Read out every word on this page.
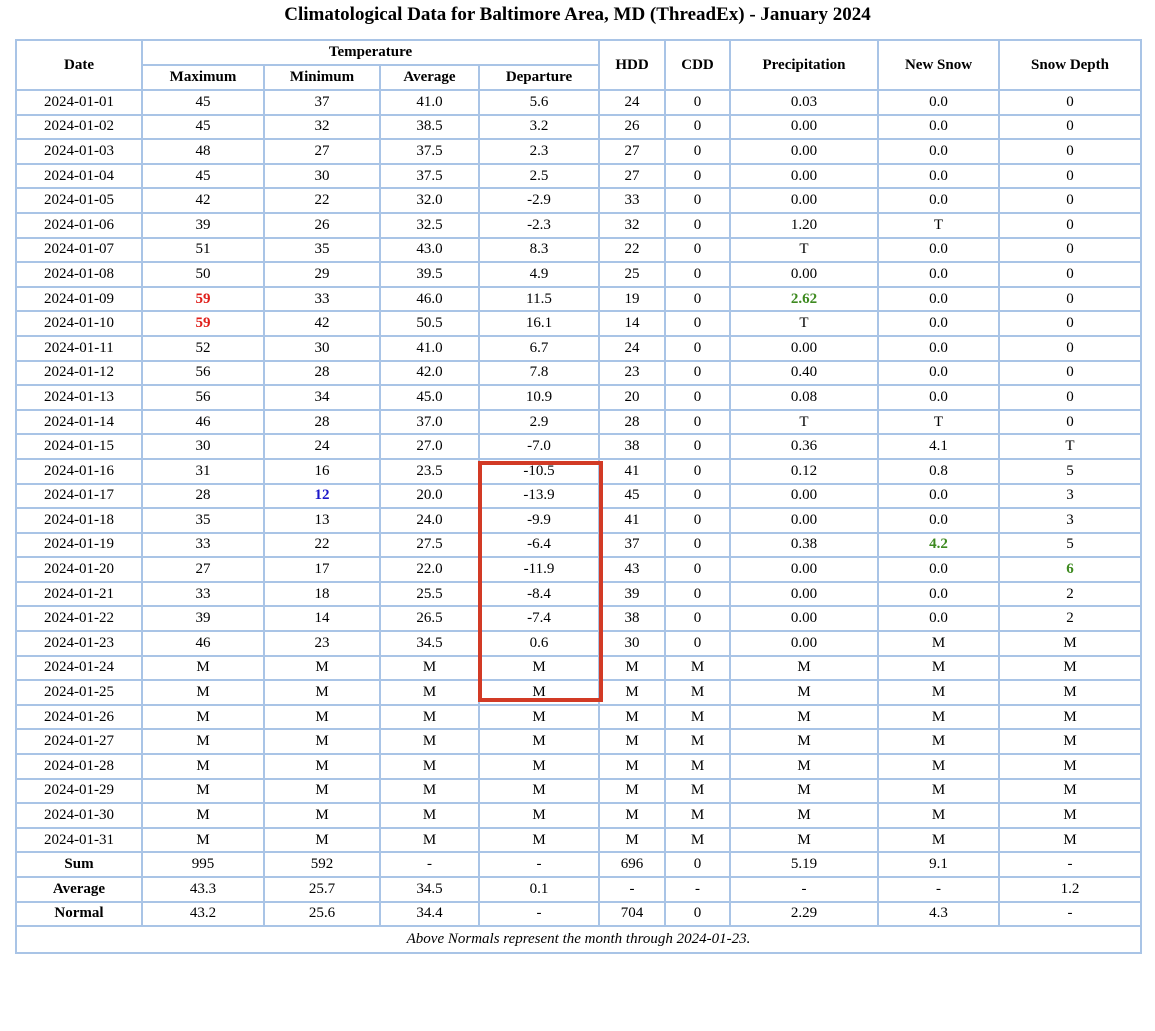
Climatological Data for Baltimore Area, MD (ThreadEx) - January 2024
Date	Temperature				HDD	CDD	Precipitation	New Snow	Snow Depth
	Maximum	Minimum	Average	Departure					
2024-01-01	45	37	41.0	5.6	24	0	0.03	0.0	0
2024-01-02	45	32	38.5	3.2	26	0	0.00	0.0	0
2024-01-03	48	27	37.5	2.3	27	0	0.00	0.0	0
2024-01-04	45	30	37.5	2.5	27	0	0.00	0.0	0
2024-01-05	42	22	32.0	-2.9	33	0	0.00	0.0	0
2024-01-06	39	26	32.5	-2.3	32	0	1.20	T	0
2024-01-07	51	35	43.0	8.3	22	0	T	0.0	0
2024-01-08	50	29	39.5	4.9	25	0	0.00	0.0	0
2024-01-09	59	33	46.0	11.5	19	0	2.62	0.0	0
2024-01-10	59	42	50.5	16.1	14	0	T	0.0	0
2024-01-11	52	30	41.0	6.7	24	0	0.00	0.0	0
2024-01-12	56	28	42.0	7.8	23	0	0.40	0.0	0
2024-01-13	56	34	45.0	10.9	20	0	0.08	0.0	0
2024-01-14	46	28	37.0	2.9	28	0	T	T	0
2024-01-15	30	24	27.0	-7.0	38	0	0.36	4.1	T
2024-01-16	31	16	23.5	-10.5	41	0	0.12	0.8	5
2024-01-17	28	12	20.0	-13.9	45	0	0.00	0.0	3
2024-01-18	35	13	24.0	-9.9	41	0	0.00	0.0	3
2024-01-19	33	22	27.5	-6.4	37	0	0.38	4.2	5
2024-01-20	27	17	22.0	-11.9	43	0	0.00	0.0	6
2024-01-21	33	18	25.5	-8.4	39	0	0.00	0.0	2
2024-01-22	39	14	26.5	-7.4	38	0	0.00	0.0	2
2024-01-23	46	23	34.5	0.6	30	0	0.00	M	M
2024-01-24	M	M	M	M	M	M	M	M	M
2024-01-25	M	M	M	M	M	M	M	M	M
2024-01-26	M	M	M	M	M	M	M	M	M
2024-01-27	M	M	M	M	M	M	M	M	M
2024-01-28	M	M	M	M	M	M	M	M	M
2024-01-29	M	M	M	M	M	M	M	M	M
2024-01-30	M	M	M	M	M	M	M	M	M
2024-01-31	M	M	M	M	M	M	M	M	M
Sum	995	592	-	-	696	0	5.19	9.1	-
Average	43.3	25.7	34.5	0.1	-	-	-	-	1.2
Normal	43.2	25.6	34.4	-	704	0	2.29	4.3	-
Above Normals represent the month through 2024-01-23.									
